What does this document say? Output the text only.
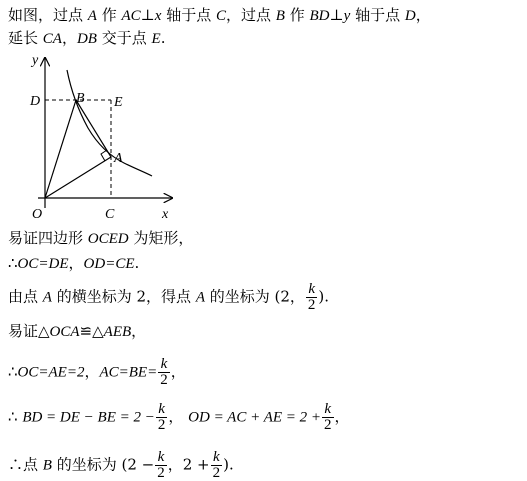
如图，过点 A 作 AC⊥x 轴于点 C，过点 B 作 BD⊥y 轴于点 D，
延长 CA，DB 交于点 E.
y
x
O	C
D	B E
A
易证四边形 OCED 为矩形，
∴OC=DE，OD=CE.
由点 A 的横坐标为 2，得点 A 的坐标为 (2， $\frac{k}{2}$ ).
易证△OCA≌△AEB，
∴OC=AE=2，$AC=BE= \frac{k}{2}$ ，
∴ BD = DE − BE = $2 - \frac{k}{2}$ ， OD = AC + AE = $2 + \frac{k}{2}$ ，
∴点 B 的坐标为 ($2 - \frac{k}{2}$ ，$2 + \frac{k}{2}$ ).
